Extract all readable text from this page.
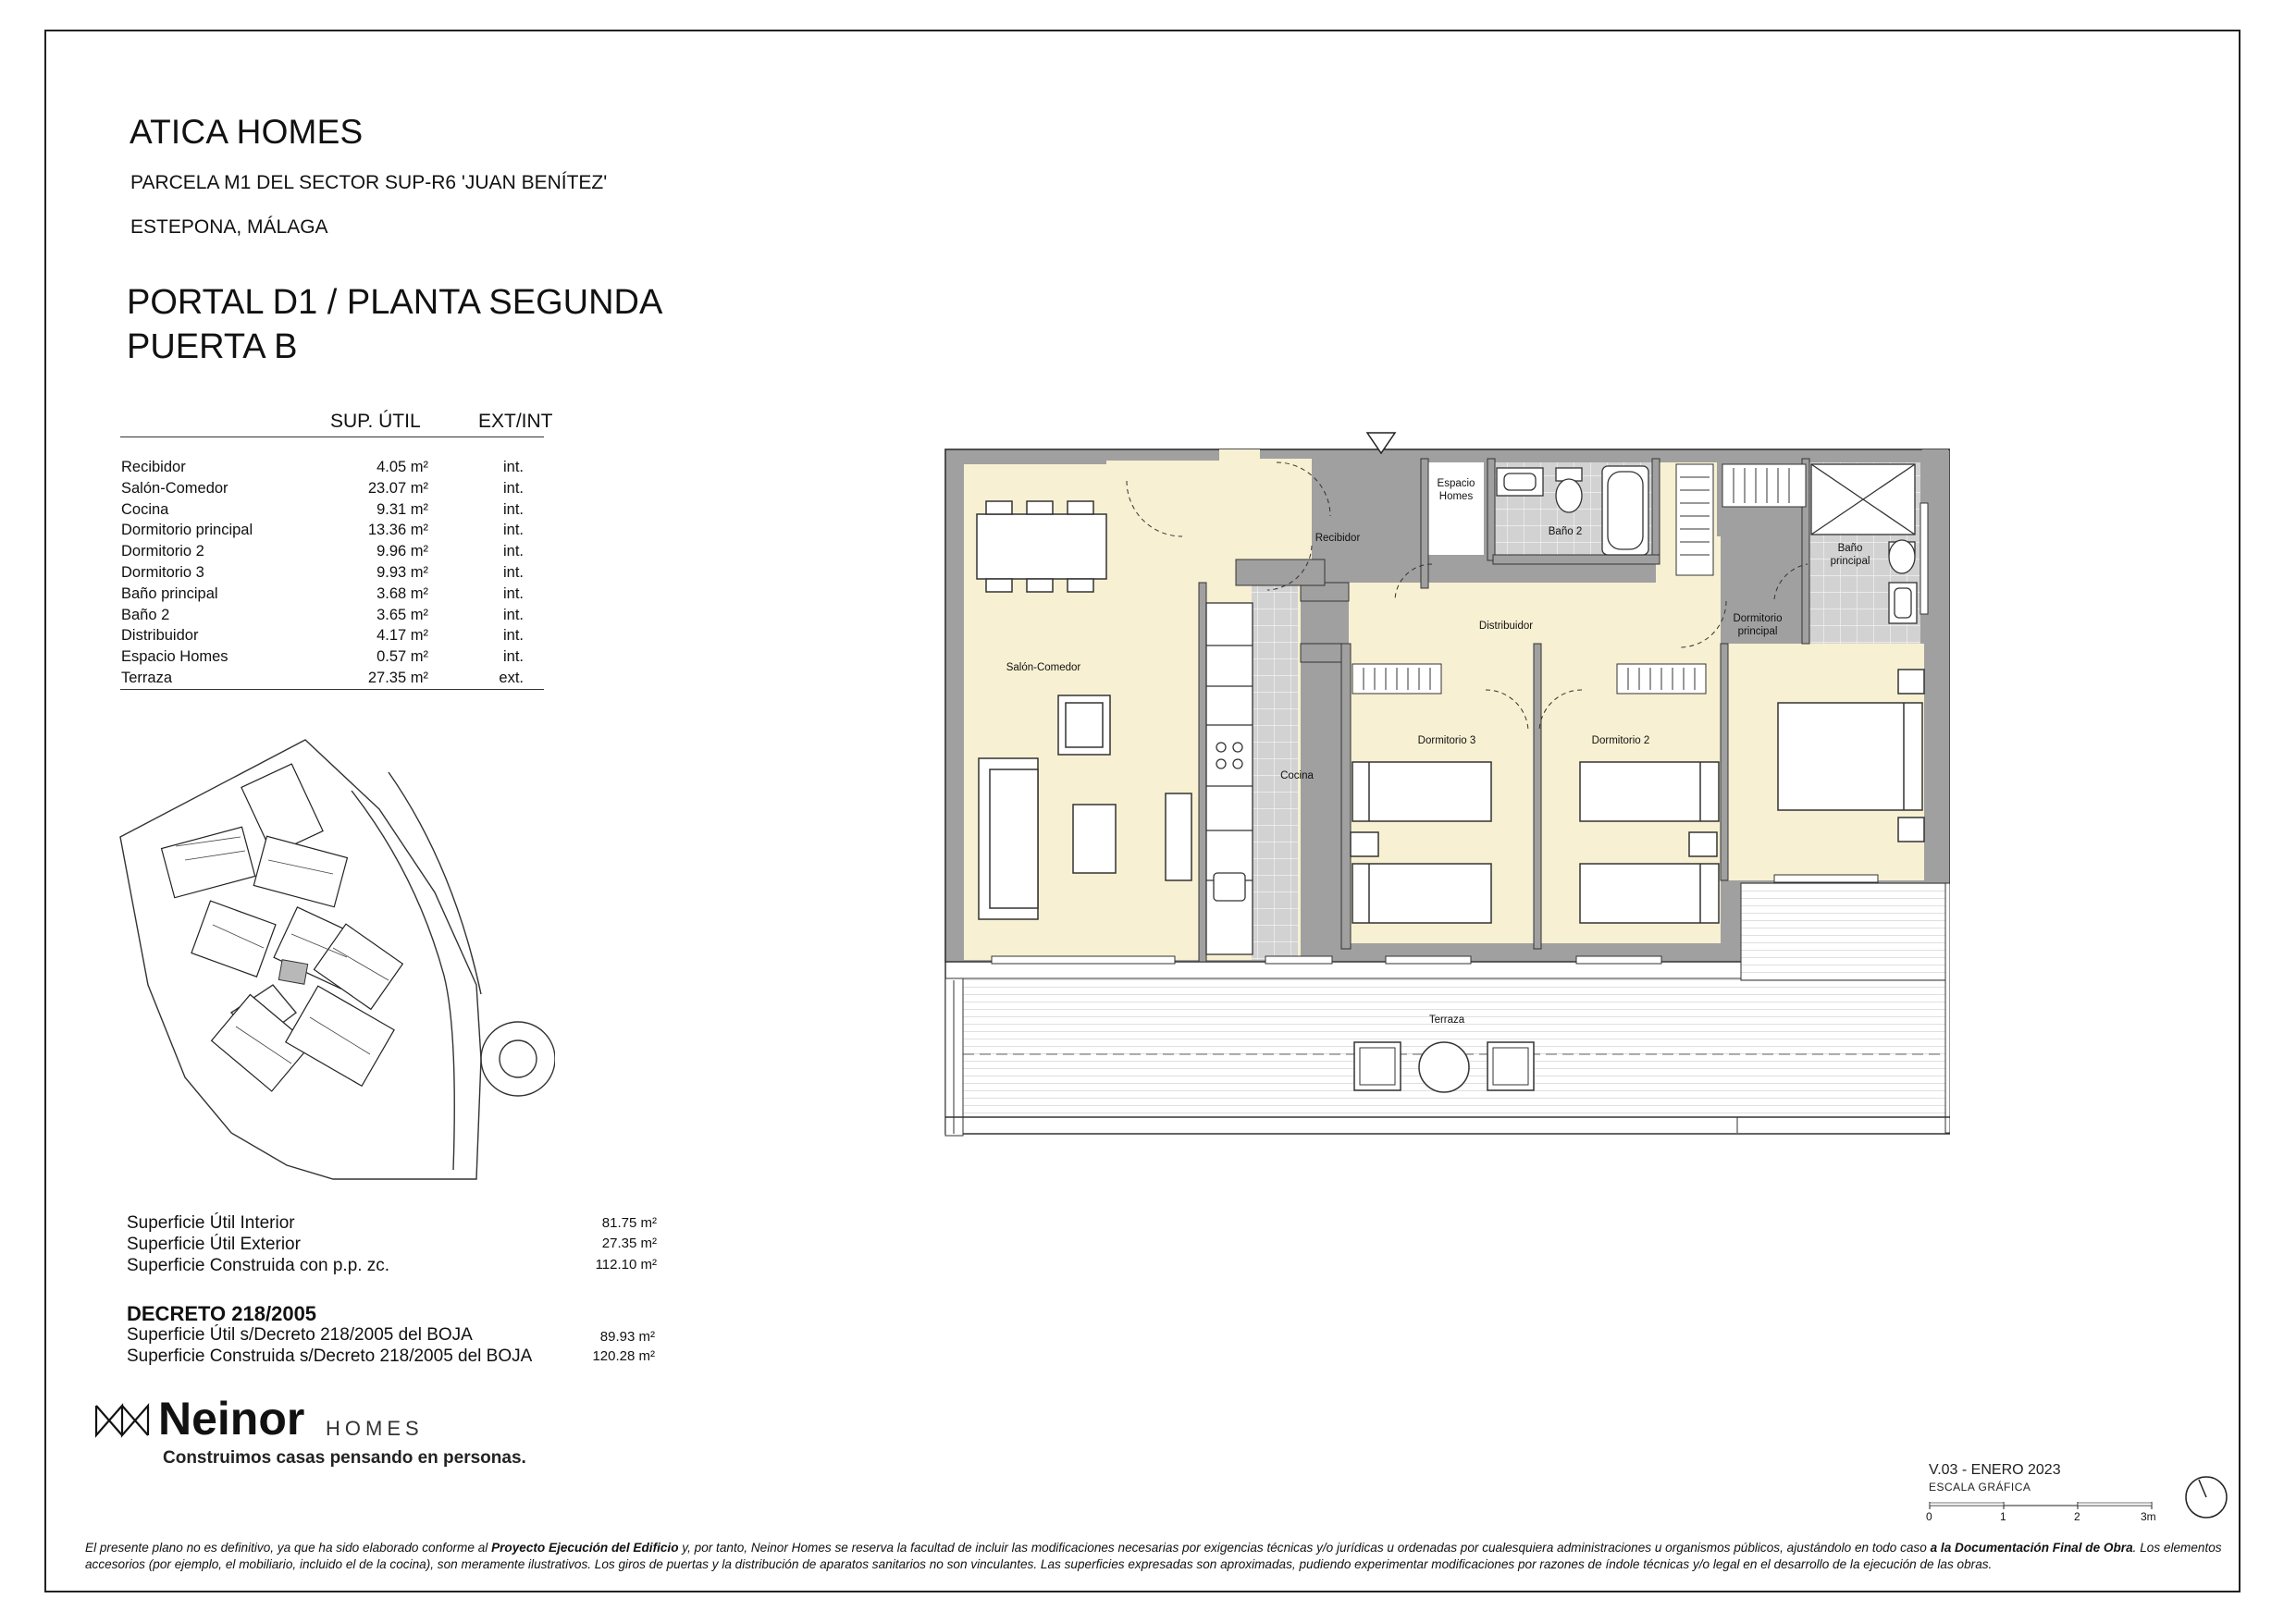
ATICA HOMES
PARCELA M1 DEL SECTOR SUP-R6 'JUAN BENÍTEZ'
ESTEPONA, MÁLAGA
PORTAL D1 / PLANTA SEGUNDA
PUERTA B
SUP. ÚTIL	EXT/INT
Recibidor	4.05 m²	int.
Salón-Comedor	23.07 m²	int.
Cocina	9.31 m²	int.
Dormitorio principal	13.36 m²	int.
Dormitorio 2	9.96 m²	int.
Dormitorio 3	9.93 m²	int.
Baño principal	3.68 m²	int.
Baño 2	3.65 m²	int.
Distribuidor	4.17 m²	int.
Espacio Homes	0.57 m²	int.
Terraza	27.35 m²	ext.
Superficie Útil Interior	81.75 m²
Superficie Útil Exterior	27.35 m²
Superficie Construida con p.p. zc.	112.10 m²
DECRETO 218/2005
Superficie Útil s/Decreto 218/2005 del BOJA	89.93 m²
Superficie Construida s/Decreto 218/2005 del BOJA	120.28 m²
Neinor HOMES
Construimos casas pensando en personas.
Salón-Comedor
Recibidor
Espacio
Homes
Baño 2
Baño
principal
Distribuidor
Dormitorio
principal
Cocina
Dormitorio 3	Dormitorio 2
Terraza
V.03 - ENERO 2023
ESCALA GRÁFICA
0	1	2	3m
El presente plano no es definitivo, ya que ha sido elaborado conforme al Proyecto Ejecución del Edificio y, por tanto, Neinor Homes se reserva la facultad de incluir las modificaciones necesarias por exigencias técnicas y/o jurídicas u ordenadas por cualesquiera administraciones u organismos públicos, ajustándolo en todo caso a la Documentación Final de Obra. Los elementos accesorios (por ejemplo, el mobiliario, incluido el de la cocina), son meramente ilustrativos. Los giros de puertas y la distribución de aparatos sanitarios no son vinculantes. Las superficies expresadas son aproximadas, pudiendo experimentar modificaciones por razones de índole técnicas y/o legal en el desarrollo de la ejecución de las obras.
